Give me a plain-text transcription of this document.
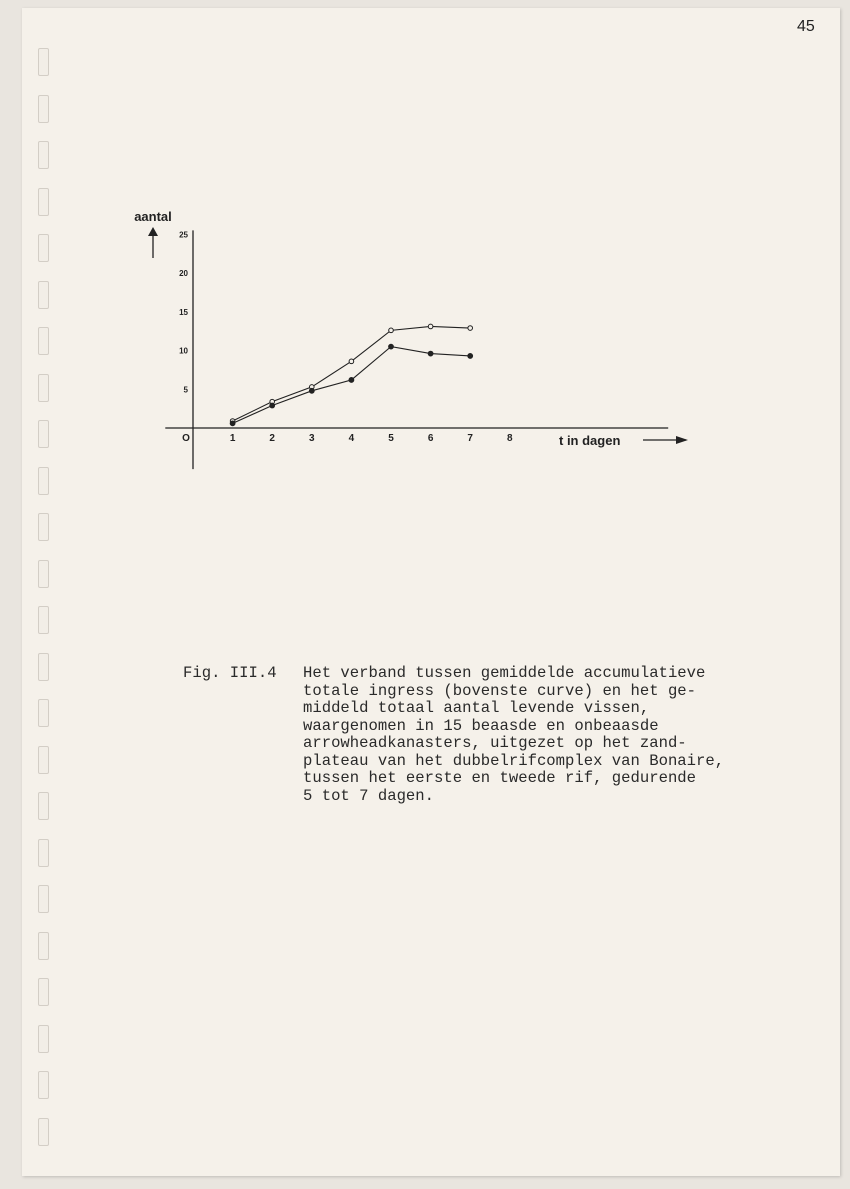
45
5
10
15
20
25
1	2	3	4	5	6	7	8
O
aantal
t in dagen
Fig. III.4 Het verband tussen gemiddelde accumulatieve
totale ingress (bovenste curve) en het ge-
middeld totaal aantal levende vissen,
waargenomen in 15 beaasde en onbeaasde
arrowheadkanasters, uitgezet op het zand-
plateau van het dubbelrifcomplex van Bonaire,
tussen het eerste en tweede rif, gedurende
5 tot 7 dagen.
